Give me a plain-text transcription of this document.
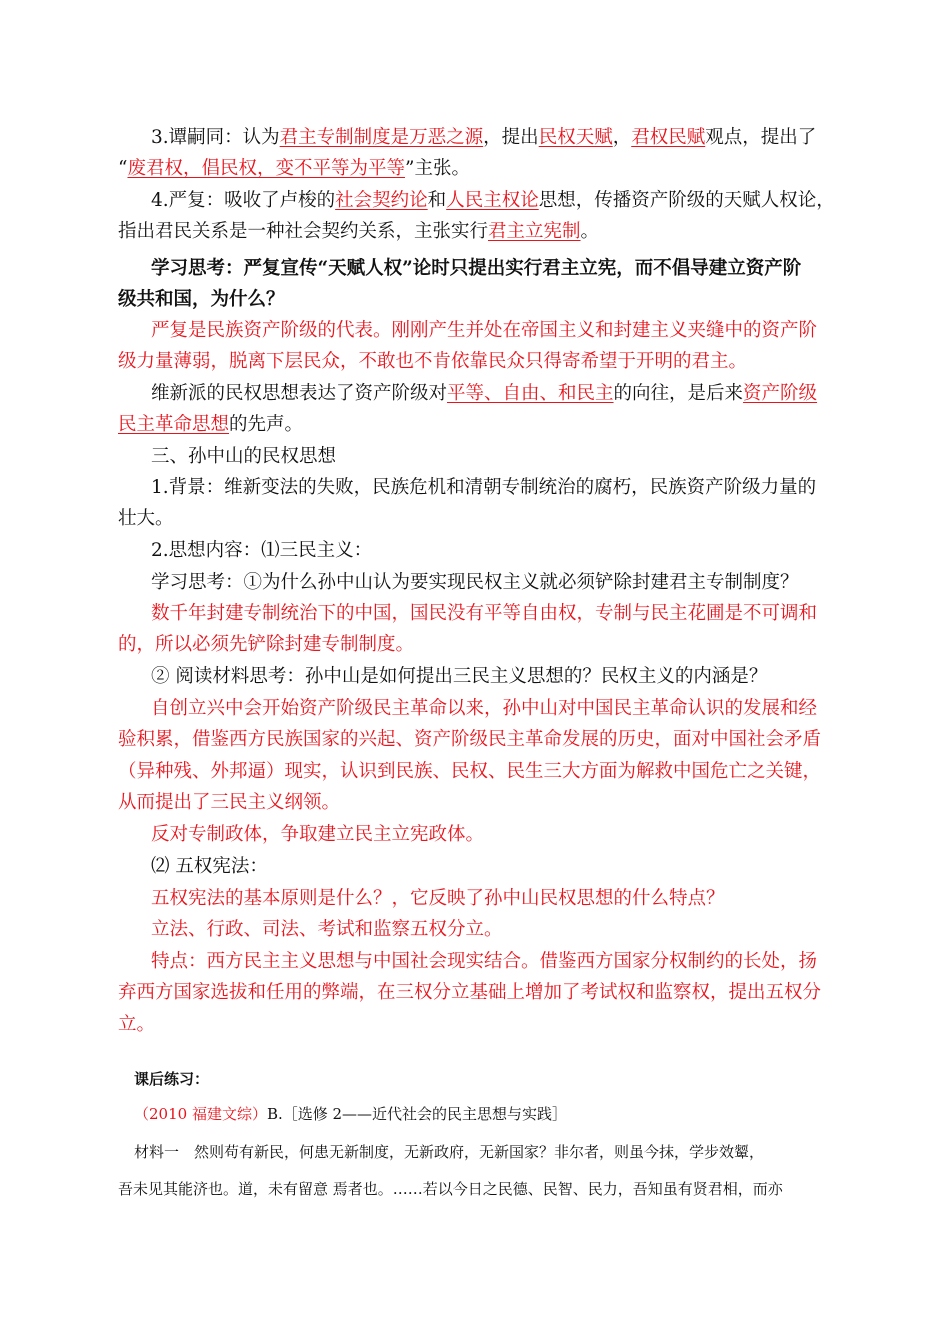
3.谭嗣同：认为君主专制制度是万恶之源，提出民权天赋，君权民赋观点，提出了
“废君权，倡民权，变不平等为平等”主张。
4.严复：吸收了卢梭的社会契约论和人民主权论思想，传播资产阶级的天赋人权论，
指出君民关系是一种社会契约关系，主张实行君主立宪制。
学习思考：严复宣传“天赋人权”论时只提出实行君主立宪，而不倡导建立资产阶
级共和国，为什么？
严复是民族资产阶级的代表。刚刚产生并处在帝国主义和封建主义夹缝中的资产阶
级力量薄弱，脱离下层民众，不敢也不肯依靠民众只得寄希望于开明的君主。
维新派的民权思想表达了资产阶级对平等、自由、和民主的向往，是后来资产阶级
民主革命思想的先声。
三、孙中山的民权思想
1.背景：维新变法的失败，民族危机和清朝专制统治的腐朽，民族资产阶级力量的
壮大。
2.思想内容：⑴三民主义：
学习思考：①为什么孙中山认为要实现民权主义就必须铲除封建君主专制制度？
数千年封建专制统治下的中国，国民没有平等自由权，专制与民主花圃是不可调和
的，所以必须先铲除封建专制制度。
② 阅读材料思考：孙中山是如何提出三民主义思想的？民权主义的内涵是？
自创立兴中会开始资产阶级民主革命以来，孙中山对中国民主革命认识的发展和经
验积累，借鉴西方民族国家的兴起、资产阶级民主革命发展的历史，面对中国社会矛盾
（异种残、外邦逼）现实，认识到民族、民权、民生三大方面为解救中国危亡之关键，
从而提出了三民主义纲领。
反对专制政体，争取建立民主立宪政体。
⑵ 五权宪法：
五权宪法的基本原则是什么？，它反映了孙中山民权思想的什么特点？
立法、行政、司法、考试和监察五权分立。
特点：西方民主主义思想与中国社会现实结合。借鉴西方国家分权制约的长处，扬
弃西方国家选拔和任用的弊端，在三权分立基础上增加了考试权和监察权，提出五权分
立。
课后练习：
（2010 福建文综）B.［选修 2——近代社会的民主思想与实践］
材料一　然则苟有新民，何患无新制度，无新政府，无新国家？非尔者，则虽今抹，学步效颦，
吾未见其能济也。道，未有留意 焉者也。……若以今日之民德、民智、民力，吾知虽有贤君相，而亦
